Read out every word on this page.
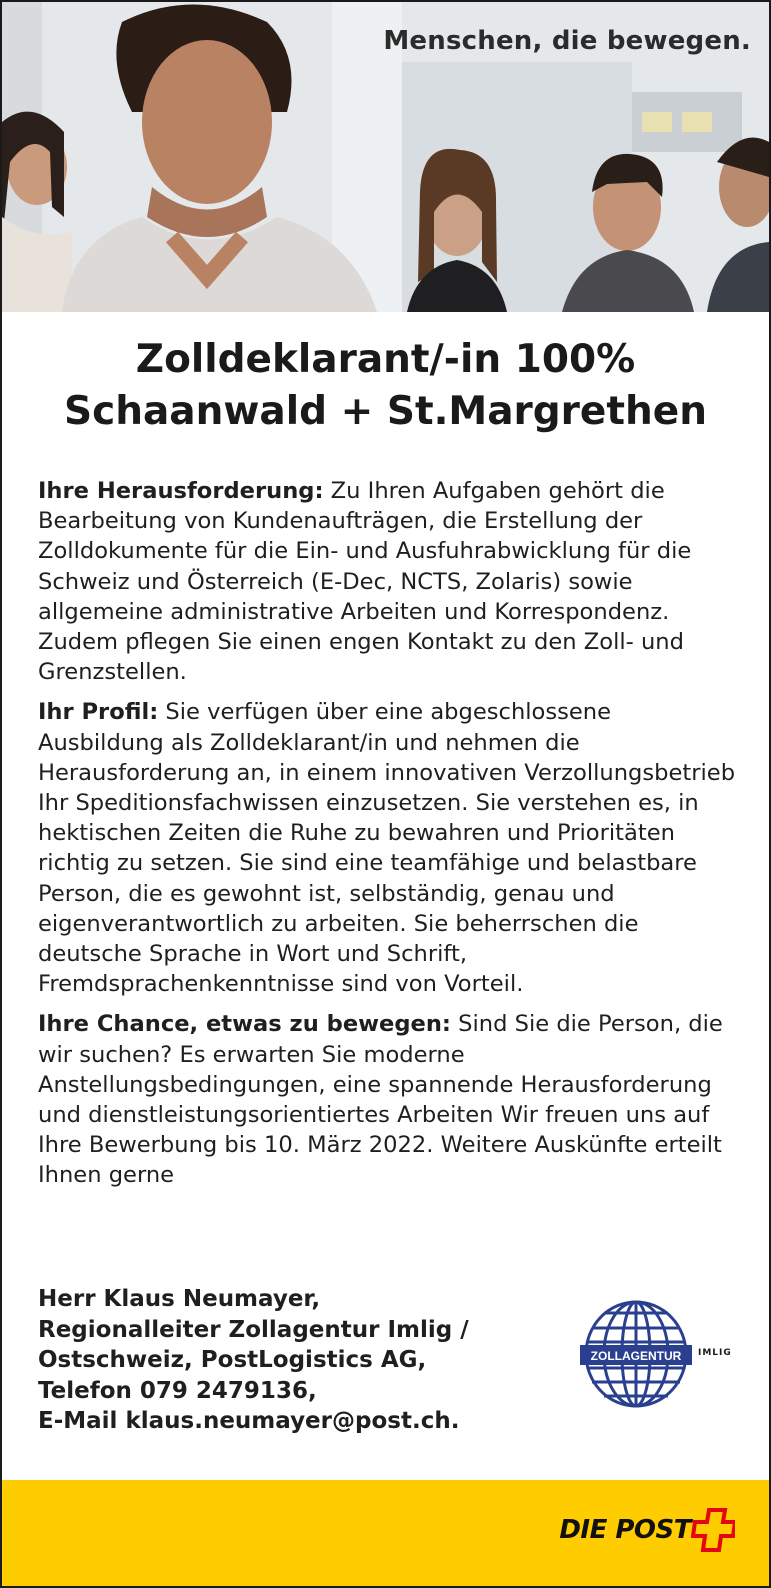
Menschen, die bewegen.
Zolldeklarant/-in 100%
Schaanwald + St.Margrethen

Ihre Herausforderung: Zu Ihren Aufgaben gehört die Bearbeitung von Kundenaufträgen, die Erstellung der Zolldokumente für die Ein- und Ausfuhrabwicklung für die Schweiz und Österreich (E-Dec, NCTS, Zolaris) sowie allgemeine administrative Arbeiten und Korrespondenz. Zudem pflegen Sie einen engen Kontakt zu den Zoll- und Grenzstellen.

Ihr Profil: Sie verfügen über eine abgeschlossene Ausbildung als Zolldeklarant/in und nehmen die Herausforderung an, in einem innovativen Verzollungsbetrieb Ihr Speditionsfachwissen einzusetzen. Sie verstehen es, in hektischen Zeiten die Ruhe zu bewahren und Prioritäten richtig zu setzen. Sie sind eine teamfähige und belastbare Person, die es gewohnt ist, selbständig, genau und eigenverantwortlich zu arbeiten. Sie beherrschen die deutsche Sprache in Wort und Schrift, Fremdsprachenkenntnisse sind von Vorteil.

Ihre Chance, etwas zu bewegen: Sind Sie die Person, die wir suchen? Es erwarten Sie moderne Anstellungsbedingungen, eine spannende Herausforderung und dienstleistungsorientiertes Arbeiten Wir freuen uns auf Ihre Bewerbung bis 10. März 2022. Weitere Auskünfte erteilt Ihnen gerne

Herr Klaus Neumayer,
Regionalleiter Zollagentur Imlig /
Ostschweiz, PostLogistics AG,
Telefon 079 2479136,
E-Mail klaus.neumayer@post.ch.
ZOLLAGENTUR IMLIG
DIE POST
